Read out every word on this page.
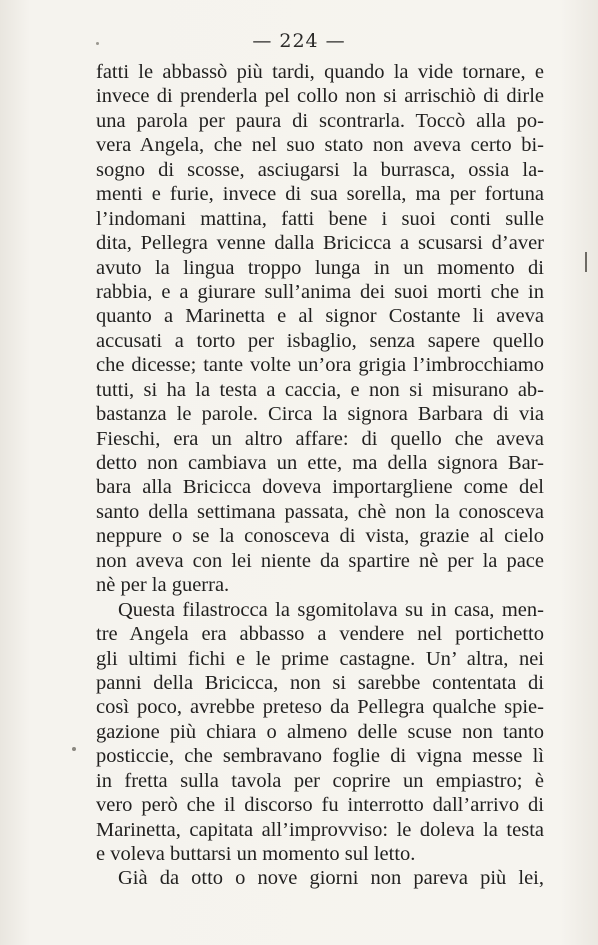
— 224 —
fatti le abbassò più tardi, quando la vide tornare, e
invece di prenderla pel collo non si arrischiò di dirle
una parola per paura di scontrarla. Toccò alla po-
vera Angela, che nel suo stato non aveva certo bi-
sogno di scosse, asciugarsi la burrasca, ossia la-
menti e furie, invece di sua sorella, ma per fortuna
l’indomani mattina, fatti bene i suoi conti sulle
dita, Pellegra venne dalla Bricicca a scusarsi d’aver
avuto la lingua troppo lunga in un momento di
rabbia, e a giurare sull’anima dei suoi morti che in
quanto a Marinetta e al signor Costante li aveva
accusati a torto per isbaglio, senza sapere quello
che dicesse; tante volte un’ora grigia l’imbrocchiamo
tutti, si ha la testa a caccia, e non si misurano ab-
bastanza le parole. Circa la signora Barbara di via
Fieschi, era un altro affare: di quello che aveva
detto non cambiava un ette, ma della signora Bar-
bara alla Bricicca doveva importargliene come del
santo della settimana passata, chè non la conosceva
neppure o se la conosceva di vista, grazie al cielo
non aveva con lei niente da spartire nè per la pace
nè per la guerra.
Questa filastrocca la sgomitolava su in casa, men-
tre Angela era abbasso a vendere nel portichetto
gli ultimi fichi e le prime castagne. Un’ altra, nei
panni della Bricicca, non si sarebbe contentata di
così poco, avrebbe preteso da Pellegra qualche spie-
gazione più chiara o almeno delle scuse non tanto
posticcie, che sembravano foglie di vigna messe lì
in fretta sulla tavola per coprire un empiastro; è
vero però che il discorso fu interrotto dall’arrivo di
Marinetta, capitata all’improvviso: le doleva la testa
e voleva buttarsi un momento sul letto.
Già da otto o nove giorni non pareva più lei,
